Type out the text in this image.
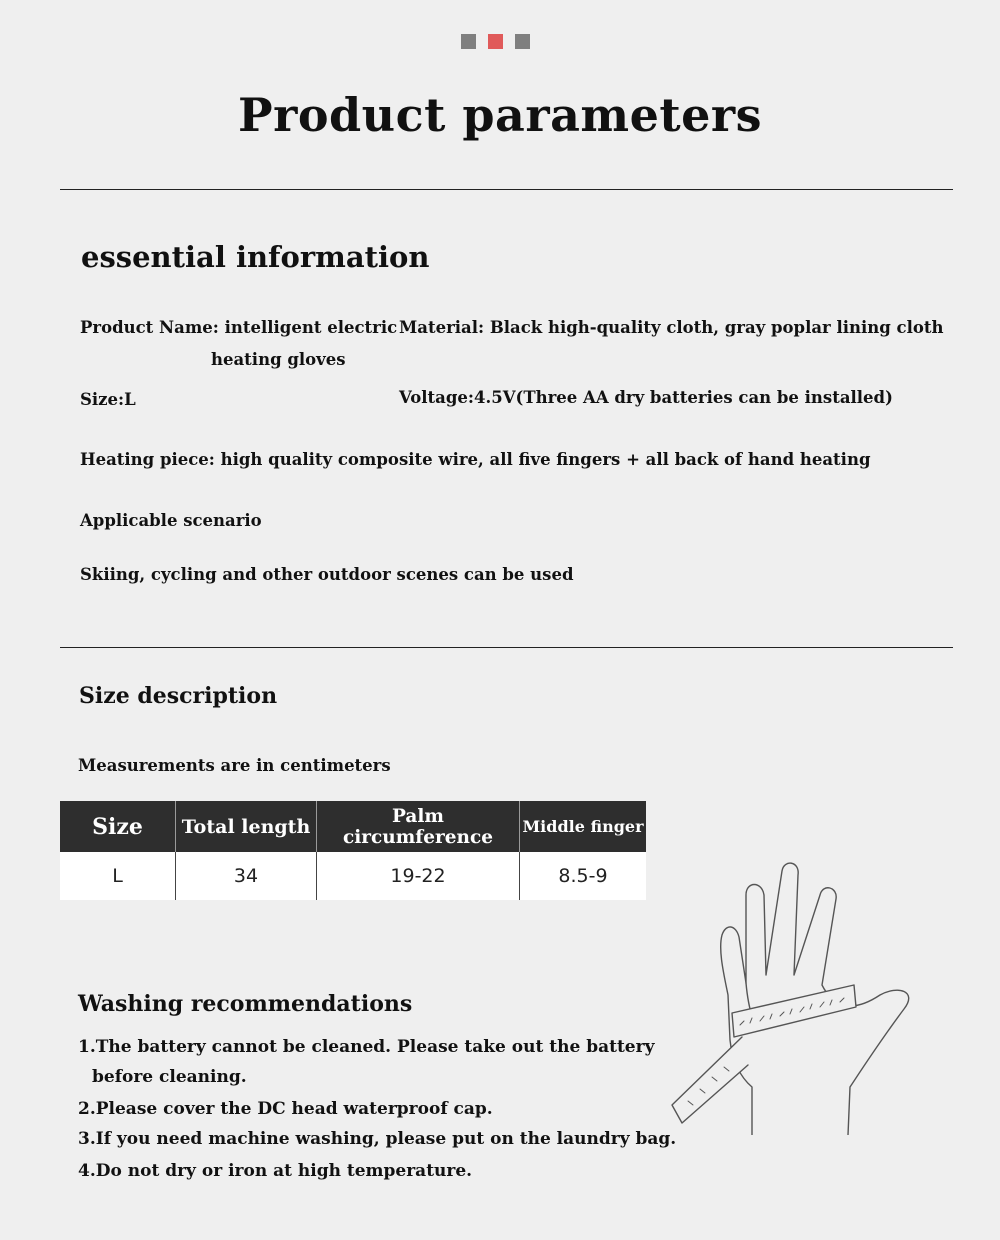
Product parameters
essential information

Product Name: intelligent electric

heating gloves

Material: Black high-quality cloth, gray poplar lining cloth

Size:L	Voltage:4.5V(Three AA dry batteries can be installed)

Heating piece: high quality composite wire, all five fingers + all back of hand heating

Applicable scenario

Skiing, cycling and other outdoor scenes can be used

Size description

Measurements are in centimeters

Size	Total length	Palm circumference	Middle finger
L	34	19-22	8.5-9
Washing recommendations

1.The battery cannot be cleaned. Please take out the battery

before cleaning.

2.Please cover the DC head waterproof cap.

3.If you need machine washing, please put on the laundry bag.

4.Do not dry or iron at high temperature.
